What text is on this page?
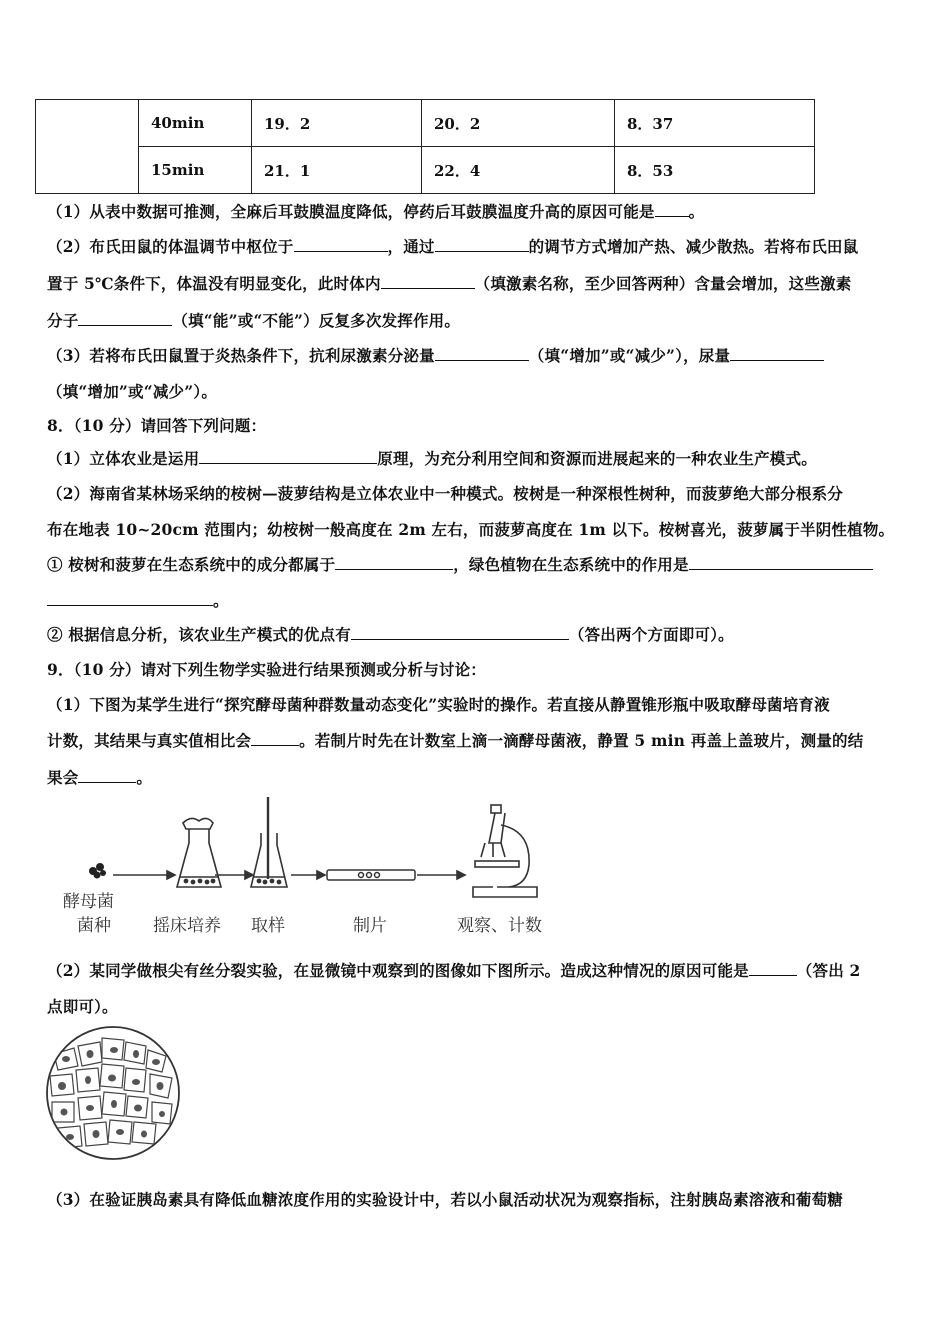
	40min	19．2	20．2	8．37
	15min	21．1	22．4	8．53
（1）从表中数据可推测，全麻后耳鼓膜温度降低，停药后耳鼓膜温度升高的原因可能是 。
（2）布氏田鼠的体温调节中枢位于	，通过	的调节方式增加产热、减少散热。若将布氏田鼠
置于 5℃条件下，体温没有明显变化，此时体内	（填激素名称，至少回答两种）含量会增加，这些激素
分子	（填“能”或“不能”）反复多次发挥作用。
（3）若将布氏田鼠置于炎热条件下，抗利尿激素分泌量	（填“增加”或“减少”），尿量
（填“增加”或“减少”）。
8．（10 分）请回答下列问题：
（1）立体农业是运用	原理，为充分利用空间和资源而进展起来的一种农业生产模式。
（2）海南省某林场采纳的桉树—菠萝结构是立体农业中一种模式。桉树是一种深根性树种，而菠萝绝大部分根系分
布在地表 10~20cm 范围内；幼桉树一般高度在 2m 左右，而菠萝高度在 1m 以下。桉树喜光，菠萝属于半阴性植物。
① 桉树和菠萝在生态系统中的成分都属于	，绿色植物在生态系统中的作用是
。
② 根据信息分析，该农业生产模式的优点有	（答出两个方面即可）。
9．（10 分）请对下列生物学实验进行结果预测或分析与讨论：
（1）下图为某学生进行“探究酵母菌种群数量动态变化”实验时的操作。若直接从静置锥形瓶中吸取酵母菌培育液
计数，其结果与真实值相比会	。若制片时先在计数室上滴一滴酵母菌液，静置 5 min 再盖上盖玻片，测量的结
果会	。
酵母菌
菌种 摇床培养 取样	制片	观察、计数
（2）某同学做根尖有丝分裂实验，在显微镜中观察到的图像如下图所示。造成这种情况的原因可能是	（答出 2
点即可）。
（3）在验证胰岛素具有降低血糖浓度作用的实验设计中，若以小鼠活动状况为观察指标，注射胰岛素溶液和葡萄糖
